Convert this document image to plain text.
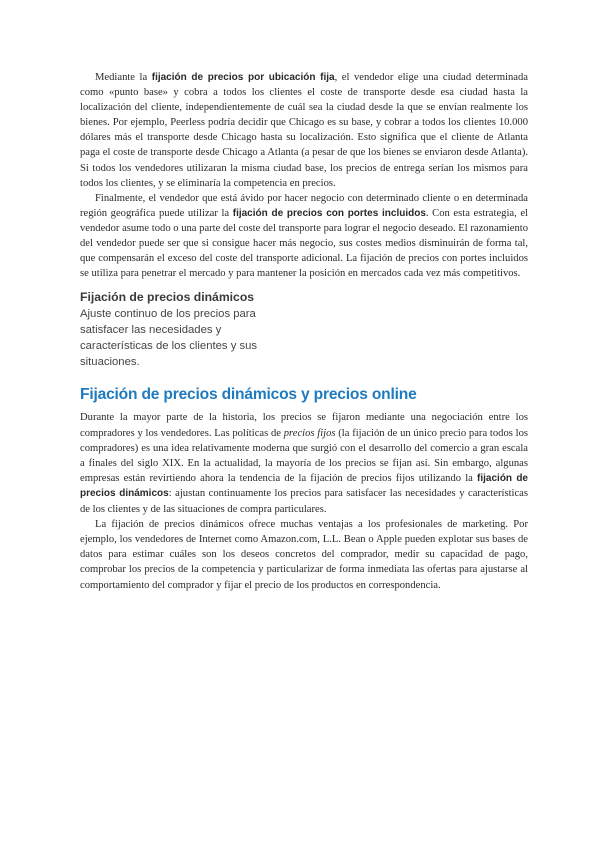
Mediante la fijación de precios por ubicación fija, el vendedor elige una ciudad determinada como «punto base» y cobra a todos los clientes el coste de transporte desde esa ciudad hasta la localización del cliente, independientemente de cuál sea la ciudad desde la que se envían realmente los bienes. Por ejemplo, Peerless podría decidir que Chicago es su base, y cobrar a todos los clientes 10.000 dólares más el transporte desde Chicago hasta su localización. Esto significa que el cliente de Atlanta paga el coste de transporte desde Chicago a Atlanta (a pesar de que los bienes se enviaron desde Atlanta). Si todos los vendedores utilizaran la misma ciudad base, los precios de entrega serían los mismos para todos los clientes, y se eliminaría la competencia en precios.

Finalmente, el vendedor que está ávido por hacer negocio con determinado cliente o en determinada región geográfica puede utilizar la fijación de precios con portes incluidos. Con esta estrategia, el vendedor asume todo o una parte del coste del transporte para lograr el negocio deseado. El razonamiento del vendedor puede ser que si consigue hacer más negocio, sus costes medios disminuirán de forma tal, que compensarán el exceso del coste del transporte adicional. La fijación de precios con portes incluidos se utiliza para penetrar el mercado y para mantener la posición en mercados cada vez más competitivos.

Fijación de precios dinámicos
Ajuste continuo de los precios para satisfacer las necesidades y características de los clientes y sus situaciones.
Fijación de precios dinámicos y precios online

Durante la mayor parte de la historia, los precios se fijaron mediante una negociación entre los compradores y los vendedores. Las políticas de precios fijos (la fijación de un único precio para todos los compradores) es una idea relativamente moderna que surgió con el desarrollo del comercio a gran escala a finales del siglo XIX. En la actualidad, la mayoría de los precios se fijan así. Sin embargo, algunas empresas están revirtiendo ahora la tendencia de la fijación de precios fijos utilizando la fijación de precios dinámicos: ajustan continuamente los precios para satisfacer las necesidades y características de los clientes y de las situaciones de compra particulares.

La fijación de precios dinámicos ofrece muchas ventajas a los profesionales de marketing. Por ejemplo, los vendedores de Internet como Amazon.com, L.L. Bean o Apple pueden explotar sus bases de datos para estimar cuáles son los deseos concretos del comprador, medir su capacidad de pago, comprobar los precios de la competencia y particularizar de forma inmediata las ofertas para ajustarse al comportamiento del comprador y fijar el precio de los productos en correspondencia.
